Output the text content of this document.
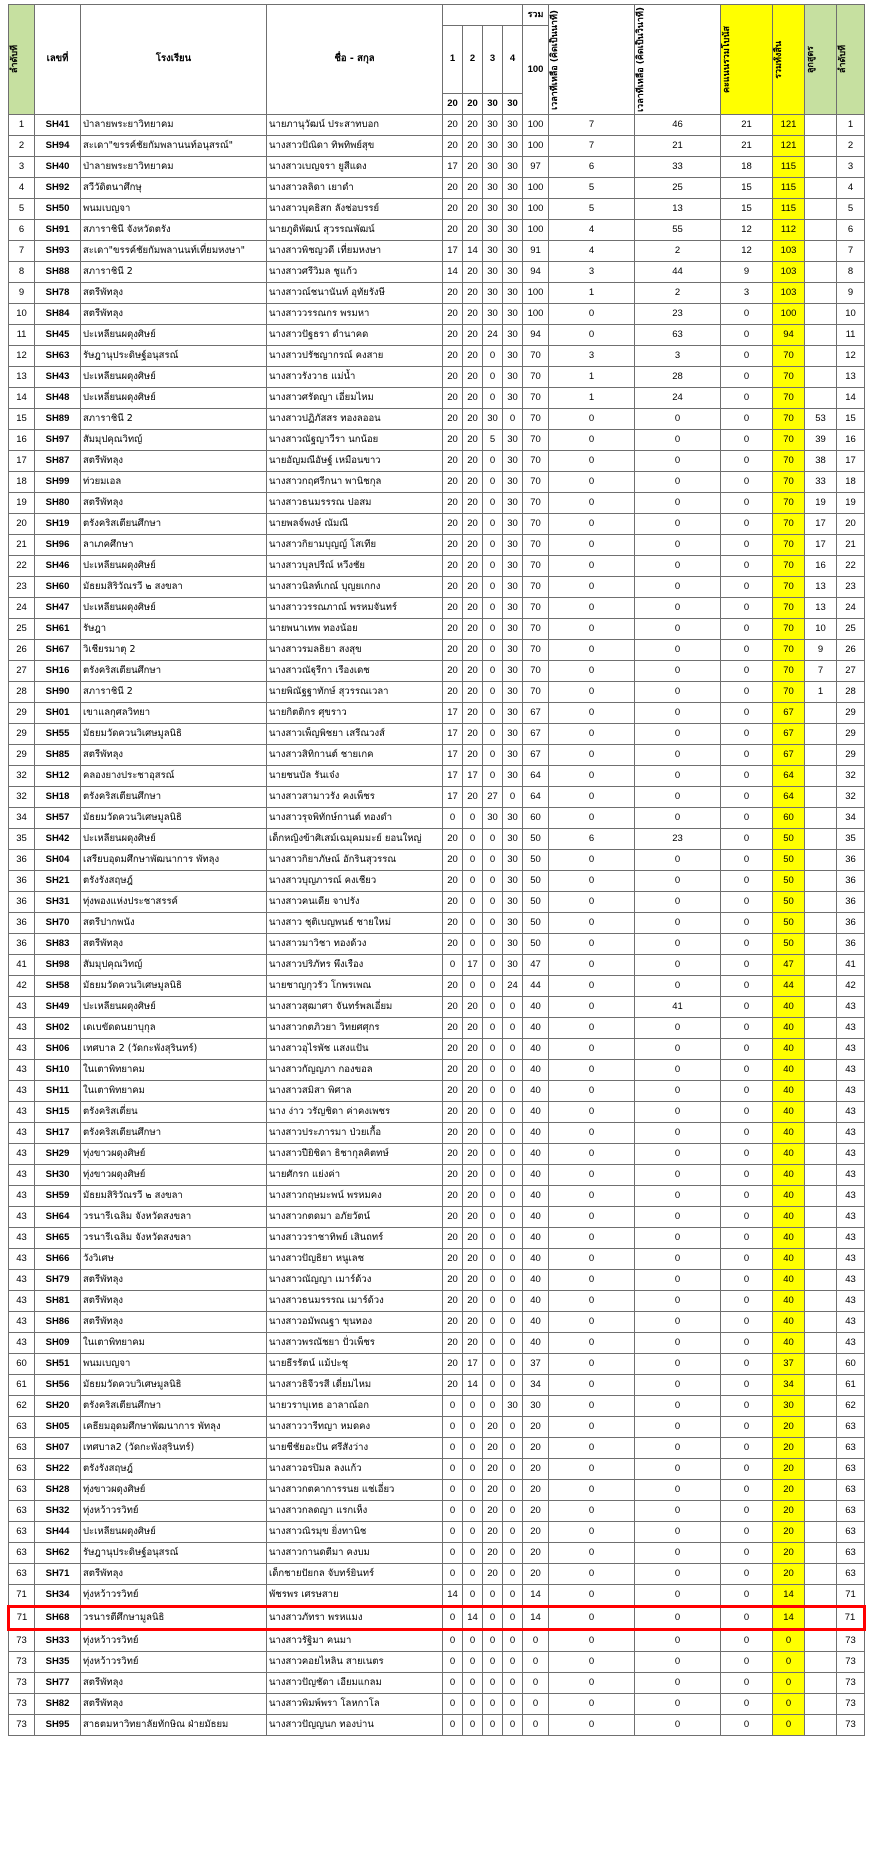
ลำดับที่	เลขที่	โรงเรียน	ชื่อ - สกุล					รวม	เวลาที่เหลือ (คิดเป็นนาที)	เวลาที่เหลือ (คิดเป็นวินาที)	คะแนนรวมโบนัส	รวมทั้งสิ้น	ลูกสูตร	ลำดับที่

				1	2	3	4	100						
				20	20	30	30							
1	SH41	ป่าลายพระยาวิทยาคม	นายภานุวัฒน์ ประสาทบอก	20	20	30	30	100	7	46	21	121		1
2	SH94	สะเดา"ขรรค์ชัยกัมพลานนท์อนุสรณ์"	นางสาวปัณิดา ทิพทิพย์สุข	20	20	30	30	100	7	21	21	121		2
3	SH40	ป่าลายพระยาวิทยาคม	นางสาวเบญจรา ยูสีแดง	17	20	30	30	97	6	33	18	115		3
4	SH92	สวีวัดิตนาศึกษุ	นางสาวลลิดา เยาดำ	20	20	30	30	100	5	25	15	115		4
5	SH50	พนมเบญจา	นางสาวบุคธิสก ลังช่อบรรย์	20	20	30	30	100	5	13	15	115		5
6	SH91	สภาราชินี จังหวัดตรัง	นายภูดิพัฒน์ สุวรรณพัฒน์	20	20	30	30	100	4	55	12	112		6
7	SH93	สะเดา"ขรรค์ชัยกัมพลานนท์เที่ยมหงษา"	นางสาวพิชญวดี เที่ยมหงษา	17	14	30	30	91	4	2	12	103		7
8	SH88	สภาราชินี 2	นางสาวศรีวิมล ชูแก้ว	14	20	30	30	94	3	44	9	103		8
9	SH78	สตรีพัทลุง	นางสาวณ์ชนานันท์ อุทัยรังษี	20	20	30	30	100	1	2	3	103		9
10	SH84	สตรีพัทลุง	นางสาววรรณกร พรมหา	20	20	30	30	100	0	23	0	100		10
11	SH45	ปะเหลียนผดุงศิษย์	นางสาวปัฐธรา ดำนาคด	20	20	24	30	94	0	63	0	94		11
12	SH63	รัษฎานุประดิษฐ์อนุสรณ์	นางสาวปรัชญากรณ์ คงสาย	20	20	0	30	70	3	3	0	70		12
13	SH43	ปะเหลียนผดุงศิษย์	นางสาวรังวาธ แม่น้ำ	20	20	0	30	70	1	28	0	70		13
14	SH48	ปะเหลี่ยนผดุงศิษย์	นางสาวศรัดญา เอี่ยมไหม	20	20	0	30	70	1	24	0	70		14
15	SH89	สภาราชินี 2	นางสาวปฏิภัสสร ทองลออน	20	20	30	0	70	0	0	0	70	53	15
16	SH97	สัมมุปคุณวิทญ์	นางสาวณัฐญาวีรา นกน้อย	20	20	5	30	70	0	0	0	70	39	16
17	SH87	สตรีพัทลุง	นายอัญมณีอัษฐ์ เหมือนขาว	20	20	0	30	70	0	0	0	70	38	17
18	SH99	ท่วยมเอล	นางสาวกฤศรีกนา พานิชกุล	20	20	0	30	70	0	0	0	70	33	18
19	SH80	สตรีพัทลุง	นางสาวธนมรรรณ ปอสม	20	20	0	30	70	0	0	0	70	19	19
20	SH19	ตรังคริสเตียนศึกษา	นายพลจ์พงษ์ ณัมณี	20	20	0	30	70	0	0	0	70	17	20
21	SH96	ลาเภคศึกษา	นางสาวกิยามบุญญ์ โสเทีย	20	20	0	30	70	0	0	0	70	17	21
22	SH46	ปะเหลียนผดุงศิษย์	นางสาวบุลปรีณ์ หวีงชัย	20	20	0	30	70	0	0	0	70	16	22
23	SH60	มัธยมสิริวัณรวี ๒ สงขลา	นางสาวนิลท์เกณ์ บุญยเกกง	20	20	0	30	70	0	0	0	70	13	23
24	SH47	ปะเหลียนผดุงศิษย์	นางสาววรรณภาณ์ พรหมจันทร์	20	20	0	30	70	0	0	0	70	13	24
25	SH61	รัษฎา	นายพนาเทพ ทองน้อย	20	20	0	30	70	0	0	0	70	10	25
26	SH67	วิเชียรมาตุ 2	นางสาวรมลธิยา สงสุข	20	20	0	30	70	0	0	0	70	9	26
27	SH16	ตรังคริสเตียนศึกษา	นางสาวณัฐุรีกา เรืองเดช	20	20	0	30	70	0	0	0	70	7	27
28	SH90	สภาราชินี 2	นายพิณัฐฐาทักษ์ สุวรรณเวลา	20	20	0	30	70	0	0	0	70	1	28
29	SH01	เขาแลกุศลวิทยา	นายกิตติกร ศุขราว	17	20	0	30	67	0	0	0	67		29
29	SH55	มัธยมวัดควนวิเศษมูลนิธิ	นางสาวเพ็ญพิชยา เสรีณวงส์	17	20	0	30	67	0	0	0	67		29
29	SH85	สตรีพัทลุง	นางสาวสิทิกานต์ ชายเกค	17	20	0	30	67	0	0	0	67		29
32	SH12	คลองยางประชาอุสรณ์	นายชนบัล รันเจ๋ง	17	17	0	30	64	0	0	0	64		32
32	SH18	ตรังคริสเตียนศึกษา	นางสาวสามาวรัง คงเพ็ชร	17	20	27	0	64	0	0	0	64		32
34	SH57	มัธยมวัดควนวิเศษมูลนิธิ	นางสาวรุจพิทักษ์กานต์ ทองดำ	0	0	30	30	60	0	0	0	60		34
35	SH42	ปะเหลียนผดุงศิษย์	เด็กหญิงข้าศิเสม์เฉมุคมมะย์ ยอนใหญ่	20	0	0	30	50	6	23	0	50		35
36	SH04	เสรียบอุดมศึกษาพัฒนาการ พัทลุง	นางสาวกิยาภัษณ์ อักรินสุวรรณ	20	0	0	30	50	0	0	0	50		36
36	SH21	ตรังรังสฤษฎ์	นางสาวบุญภารณ์ คงเชียว	20	0	0	30	50	0	0	0	50		36
36	SH31	ทุ่งพองแห่งประชาสรรค์	นางสาวคนเดีย จาปรัง	20	0	0	30	50	0	0	0	50		36
36	SH70	สตรีปากพนัง	นางสาว ชุติเบญพนธ์ ชายใหม่	20	0	0	30	50	0	0	0	50		36
36	SH83	สตรีพัทลุง	นางสาวมาวิชา ทองด้วง	20	0	0	30	50	0	0	0	50		36
41	SH98	สัมมุปคุณวิทญ์	นางสาวปริภัทร พึงเรือง	0	17	0	30	47	0	0	0	47		41
42	SH58	มัธยมวัดควนวิเศษมูลนิธิ	นายชาญกุวรัว โกพรเพณ	20	0	0	24	44	0	0	0	44		42
43	SH49	ปะเหลียนผดุงศิษย์	นางสาวสุฒาศา จันทร์พลเอี่ยม	20	20	0	0	40	0	41	0	40		43
43	SH02	เดเบขัดดนยาบุกุล	นางสาวกตภิวยา วิทยศศุกร	20	20	0	0	40	0	0	0	40		43
43	SH06	เทศบาล 2 (วัดกะพังสุรินทร์)	นางสาวอุไรพัช แสงแปัน	20	20	0	0	40	0	0	0	40		43
43	SH10	ในเตาพิทยาคม	นางสาวกัญญภา กองขอล	20	20	0	0	40	0	0	0	40		43
43	SH11	ในเตาพิทยาคม	นางสาวสมิสา พิศาล	20	20	0	0	40	0	0	0	40		43
43	SH15	ตรังคริสเตี่ยน	นาง ง่าว วรัญชิดา ค่าคงเพชร	20	20	0	0	40	0	0	0	40		43
43	SH17	ตรังคริสเตียนศึกษา	นางสาวประภารมา ป่วยเกื้อ	20	20	0	0	40	0	0	0	40		43
43	SH29	ทุ่งขาวผดุงศิษย์	นางสาวปียิชิดา ธิชากุลคิตทษ์	20	20	0	0	40	0	0	0	40		43
43	SH30	ทุ่งขาวผดุงศิษย์	นายศักรก แย่งค่า	20	20	0	0	40	0	0	0	40		43
43	SH59	มัธยมสิริวัณรวี ๒ สงขลา	นางสาวกฤษมะพน์ พรหมคง	20	20	0	0	40	0	0	0	40		43
43	SH64	วรนารีเฉลิม จังหวัดสงขลา	นางสาวกตดมา อภัยวัตน์	20	20	0	0	40	0	0	0	40		43
43	SH65	วรนารีเฉลิม จังหวัดสงขลา	นางสาววราชาทิพย์ เสินถทร์	20	20	0	0	40	0	0	0	40		43
43	SH66	วังวิเศษ	นางสาวปัญธิยา หนูเลช	20	20	0	0	40	0	0	0	40		43
43	SH79	สตรีพัทลุง	นางสาวณัญญา เมาร์ด้วง	20	20	0	0	40	0	0	0	40		43
43	SH81	สตรีพัทลุง	นางสาวธนมรรรณ เมาร์ด้วง	20	20	0	0	40	0	0	0	40		43
43	SH86	สตรีพัทลุง	นางสาวอมัพณฐา ขุนทอง	20	20	0	0	40	0	0	0	40		43
43	SH09	ในเตาพิทยาคม	นางสาวพรณัชยา ปั่วเพ็ชร	20	20	0	0	40	0	0	0	40		43
60	SH51	พนมเบญจา	นายธีรรัตน์ แม้ปะชุ	20	17	0	0	37	0	0	0	37		60
61	SH56	มัธยมวัดควบวิเศษมูลนิธิ	นางสาวธิจีวรสี เดี่ยมไหม	20	14	0	0	34	0	0	0	34		61
62	SH20	ตรังคริสเตียนศึกษา	นายวราบุเทธ อาลาณ์อก	0	0	0	30	30	0	0	0	30		62
63	SH05	เคธียมอุดมศึกษาพัฒนาการ พัทลุง	นางสาววารีทญา หมดคง	0	0	20	0	20	0	0	0	20		63
63	SH07	เทศบาล2 (วัดกะพังสุรินทร์)	นายชีชัยอะปัน ศรีสังว่าง	0	0	20	0	20	0	0	0	20		63
63	SH22	ตรังรังสฤษฎ์	นางสาวอรปิมล ลงแก้ว	0	0	20	0	20	0	0	0	20		63
63	SH28	ทุ่งขาวผดุงศิษย์	นางสาวกตคาการรนย แช่เอี่ยว	0	0	20	0	20	0	0	0	20		63
63	SH32	ทุ่งหว้าวรวิทย์	นางสาวกลดญา แรกเห็ง	0	0	20	0	20	0	0	0	20		63
63	SH44	ปะเหลียนผดุงศิษย์	นางสาวณิรมุข ยิ่งทานิช	0	0	20	0	20	0	0	0	20		63
63	SH62	รัษฎานุประดิษฐ์อนุสรณ์	นางสาวกานดตีมา คงบม	0	0	20	0	20	0	0	0	20		63
63	SH71	สตรีพัทลุง	เด็กชายปัยกล จับทร์ยินทร์	0	0	20	0	20	0	0	0	20		63
71	SH34	ทุ่งหว้าวรวิทย์	พัชรพร เศรษสาย	14	0	0	0	14	0	0	0	14		71
71	SH68	วรนารตีศึกษามูลนิธิ	นางสาวภัทรา พรหแมง	0	14	0	0	14	0	0	0	14		71
73	SH33	ทุ่งหว้าวรวิทย์	นางสาวรัฐิมา คนมา	0	0	0	0	0	0	0	0	0		73
73	SH35	ทุ่งหว้าวรวิทย์	นางสาวคอยไหลิน สายเนตร	0	0	0	0	0	0	0	0	0		73
73	SH77	สตรีพัทลุง	นางสาวปัญชัดา เอียมแกลม	0	0	0	0	0	0	0	0	0		73
73	SH82	สตรีพัทลุง	นางสาวพิมพ์พรา โลหกาโล	0	0	0	0	0	0	0	0	0		73
73	SH95	สาธตมหาวิทยาลัยทักษิณ ฝ่ายมัธยม	นางสาวปัญญนก ทองบ่าน	0	0	0	0	0	0	0	0	0		73
